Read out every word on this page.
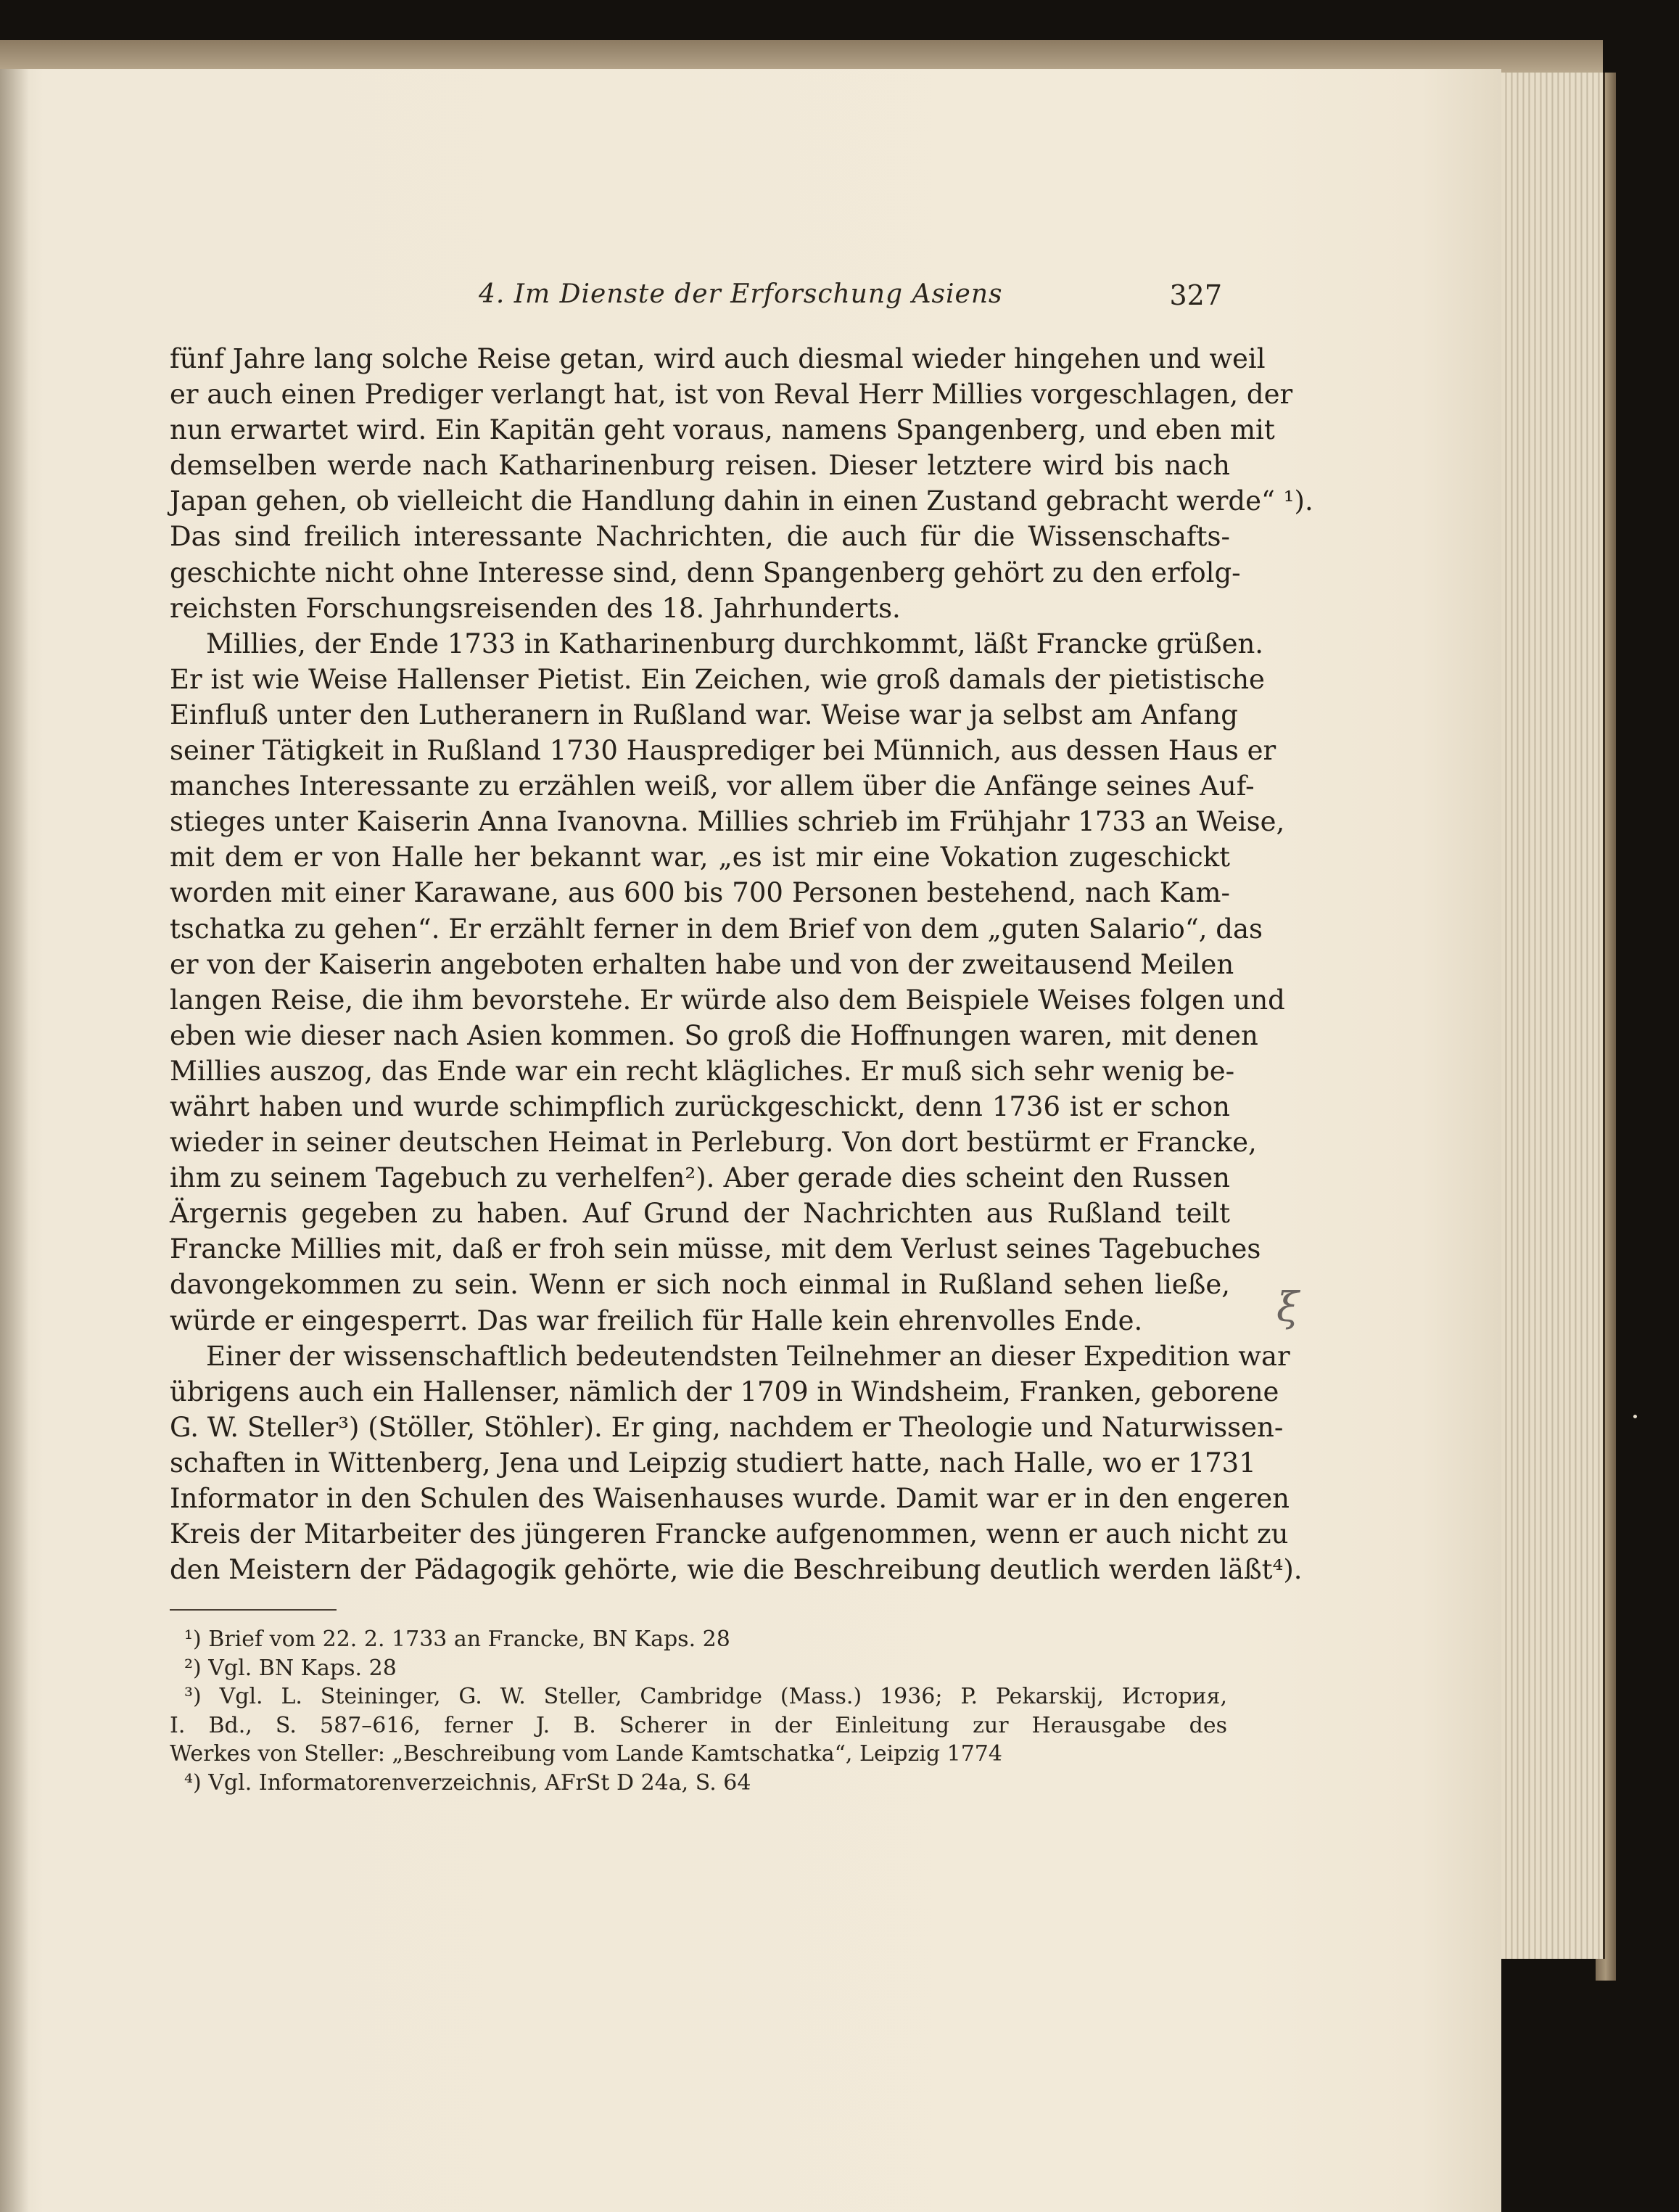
4. Im Dienste der Erforschung Asiens	327
fünf Jahre lang solche Reise getan, wird auch diesmal wieder hingehen und weil
er auch einen Prediger verlangt hat, ist von Reval Herr Millies vorgeschlagen, der
nun erwartet wird. Ein Kapitän geht voraus, namens Spangenberg, und eben mit
demselben werde nach Katharinenburg reisen. Dieser letztere wird bis nach
Japan gehen, ob vielleicht die Handlung dahin in einen Zustand gebracht werde“ ¹).
Das sind freilich interessante Nachrichten, die auch für die Wissenschafts-
geschichte nicht ohne Interesse sind, denn Spangenberg gehört zu den erfolg-
reichsten Forschungsreisenden des 18. Jahrhunderts.
Millies, der Ende 1733 in Katharinenburg durchkommt, läßt Francke grüßen.
Er ist wie Weise Hallenser Pietist. Ein Zeichen, wie groß damals der pietistische
Einfluß unter den Lutheranern in Rußland war. Weise war ja selbst am Anfang
seiner Tätigkeit in Rußland 1730 Hausprediger bei Münnich, aus dessen Haus er
manches Interessante zu erzählen weiß, vor allem über die Anfänge seines Auf-
stieges unter Kaiserin Anna Ivanovna. Millies schrieb im Frühjahr 1733 an Weise,
mit dem er von Halle her bekannt war, „es ist mir eine Vokation zugeschickt
worden mit einer Karawane, aus 600 bis 700 Personen bestehend, nach Kam-
tschatka zu gehen“. Er erzählt ferner in dem Brief von dem „guten Salario“, das
er von der Kaiserin angeboten erhalten habe und von der zweitausend Meilen
langen Reise, die ihm bevorstehe. Er würde also dem Beispiele Weises folgen und
eben wie dieser nach Asien kommen. So groß die Hoffnungen waren, mit denen
Millies auszog, das Ende war ein recht klägliches. Er muß sich sehr wenig be-
währt haben und wurde schimpflich zurückgeschickt, denn 1736 ist er schon
wieder in seiner deutschen Heimat in Perleburg. Von dort bestürmt er Francke,
ihm zu seinem Tagebuch zu verhelfen²). Aber gerade dies scheint den Russen
Ärgernis gegeben zu haben. Auf Grund der Nachrichten aus Rußland teilt
Francke Millies mit, daß er froh sein müsse, mit dem Verlust seines Tagebuches
davongekommen zu sein. Wenn er sich noch einmal in Rußland sehen ließe,
würde er eingesperrt. Das war freilich für Halle kein ehrenvolles Ende.
Einer der wissenschaftlich bedeutendsten Teilnehmer an dieser Expedition war
übrigens auch ein Hallenser, nämlich der 1709 in Windsheim, Franken, geborene
G. W. Steller³) (Stöller, Stöhler). Er ging, nachdem er Theologie und Naturwissen-
schaften in Wittenberg, Jena und Leipzig studiert hatte, nach Halle, wo er 1731
Informator in den Schulen des Waisenhauses wurde. Damit war er in den engeren
Kreis der Mitarbeiter des jüngeren Francke aufgenommen, wenn er auch nicht zu
den Meistern der Pädagogik gehörte, wie die Beschreibung deutlich werden läßt⁴).
¹) Brief vom 22. 2. 1733 an Francke, BN Kaps. 28
²) Vgl. BN Kaps. 28
³) Vgl. L. Steininger, G. W. Steller, Cambridge (Mass.) 1936; P. Pekarskij, История,
I. Bd., S. 587–616, ferner J. B. Scherer in der Einleitung zur Herausgabe des
Werkes von Steller: „Beschreibung vom Lande Kamtschatka“, Leipzig 1774
⁴) Vgl. Informatorenverzeichnis, AFrSt D 24a, S. 64
ξ
